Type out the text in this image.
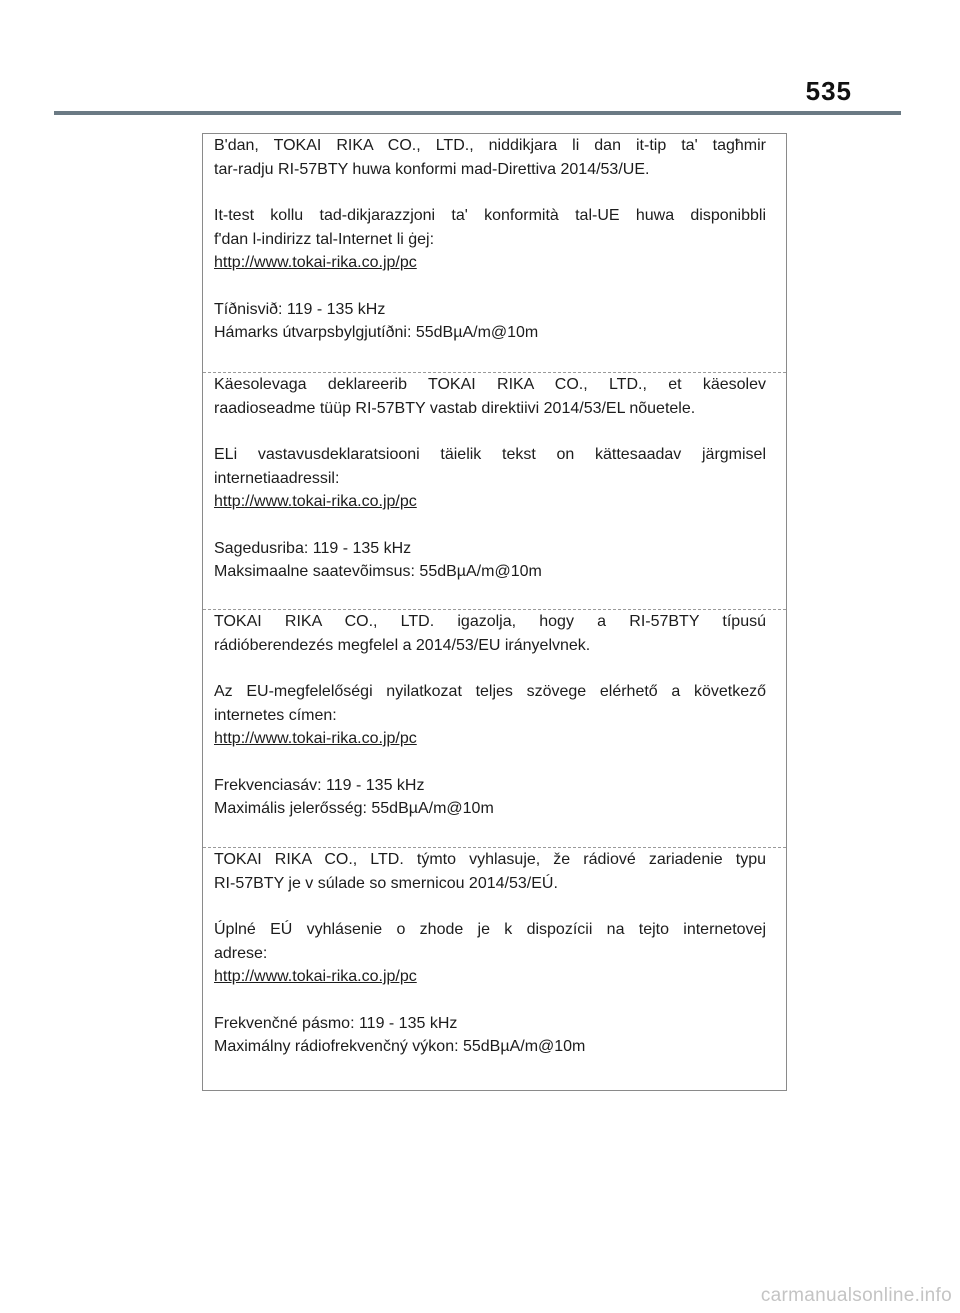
535
B'dan, TOKAI RIKA CO., LTD., niddikjara li dan it-tip ta' tagħmir
tar-radju RI-57BTY huwa konformi mad-Direttiva 2014/53/UE.
It-test kollu tad-dikjarazzjoni ta' konformità tal-UE huwa disponibbli
f'dan l-indirizz tal-Internet li ġej:
http://www.tokai-rika.co.jp/pc
Tíðnisvið: 119 - 135 kHz
Hámarks útvarpsbylgjutíðni: 55dBµA/m@10m
Käesolevaga deklareerib TOKAI RIKA CO., LTD., et käesolev
raadioseadme tüüp RI-57BTY vastab direktiivi 2014/53/EL nõuetele.
ELi vastavusdeklaratsiooni täielik tekst on kättesaadav järgmisel
internetiaadressil:
http://www.tokai-rika.co.jp/pc
Sagedusriba: 119 - 135 kHz
Maksimaalne saatevõimsus: 55dBµA/m@10m
TOKAI RIKA CO., LTD. igazolja, hogy a RI-57BTY típusú
rádióberendezés megfelel a 2014/53/EU irányelvnek.
Az EU-megfelelőségi nyilatkozat teljes szövege elérhető a következő
internetes címen:
http://www.tokai-rika.co.jp/pc
Frekvenciasáv: 119 - 135 kHz
Maximális jelerősség: 55dBµA/m@10m
TOKAI RIKA CO., LTD. týmto vyhlasuje, že rádiové zariadenie typu
RI-57BTY je v súlade so smernicou 2014/53/EÚ.
Úplné EÚ vyhlásenie o zhode je k dispozícii na tejto internetovej
adrese:
http://www.tokai-rika.co.jp/pc
Frekvenčné pásmo: 119 - 135 kHz
Maximálny rádiofrekvenčný výkon: 55dBµA/m@10m
carmanualsonline.info
